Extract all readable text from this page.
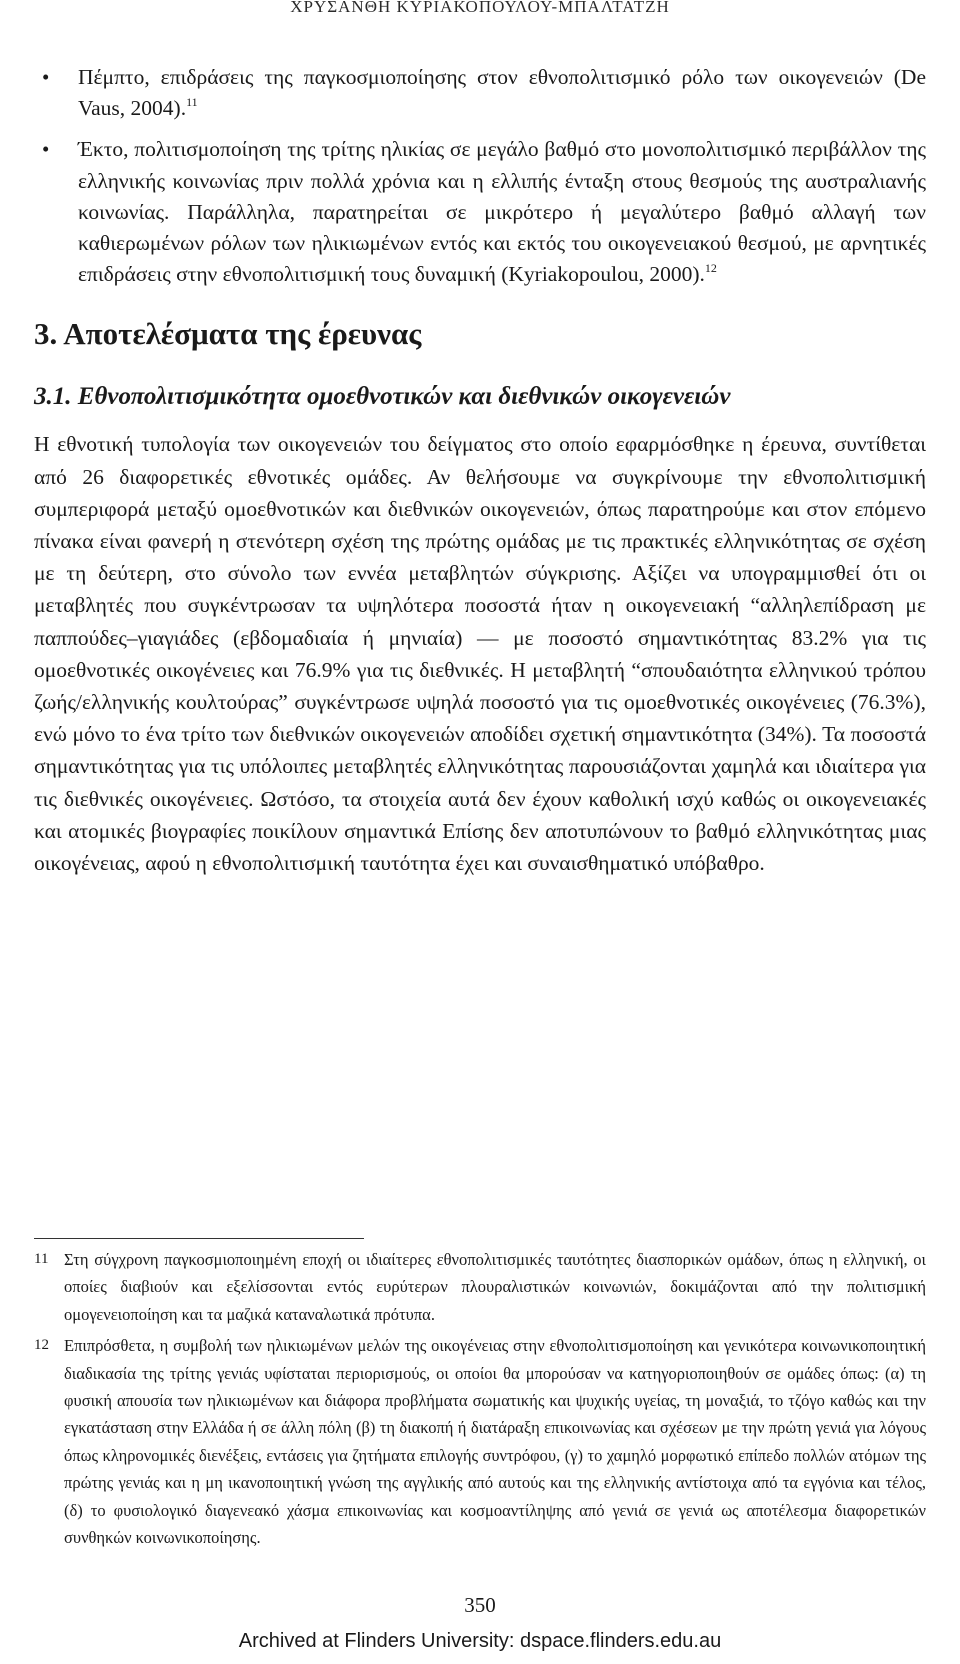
ΧΡΥΣΑΝΘΗ ΚΥΡΙΑΚΟΠΟΥΛΟΥ-ΜΠΑΛΤΑΤΖΗ
• Πέμπτο, επιδράσεις της παγκοσμιοποίησης στον εθνοπολιτισμικό ρόλο των οικογενειών (De Vaus, 2004).$^{11}$
• Έκτο, πολιτισμοποίηση της τρίτης ηλικίας σε μεγάλο βαθμό στο μονοπολιτισμικό περιβάλλον της ελληνικής κοινωνίας πριν πολλά χρόνια και η ελλιπής ένταξη στους θεσμούς της αυστραλιανής κοινωνίας. Παράλληλα, παρατηρείται σε μικρότερο ή μεγαλύτερο βαθμό αλλαγή των καθιερωμένων ρόλων των ηλικιωμένων εντός και εκτός του οικογενειακού θεσμού, με αρνητικές επιδράσεις στην εθνοπολιτισμική τους δυναμική (Kyriakopoulou, 2000).$^{12}$
3. Αποτελέσματα της έρευνας
3.1. Εθνοπολιτισμικότητα ομοεθνοτικών και διεθνικών οικογενειών

Η εθνοτική τυπολογία των οικογενειών του δείγματος στο οποίο εφαρμόσθηκε η έρευνα, συντίθεται από 26 διαφορετικές εθνοτικές ομάδες. Αν θελήσουμε να συγκρίνουμε την εθνοπολιτισμική συμπεριφορά μεταξύ ομοεθνοτικών και διεθνικών οικογενειών, όπως παρατηρούμε και στον επόμενο πίνακα είναι φανερή η στενότερη σχέση της πρώτης ομάδας με τις πρακτικές ελληνικότητας σε σχέση με τη δεύτερη, στο σύνολο των εννέα μεταβλητών σύγκρισης. Αξίζει να υπογραμμισθεί ότι οι μεταβλητές που συγκέντρωσαν τα υψηλότερα ποσοστά ήταν η οικογενειακή “αλληλεπίδραση με παππούδες–γιαγιάδες (εβδομαδιαία ή μηνιαία) — με ποσοστό σημαντικότητας 83.2% για τις ομοεθνοτικές οικογένειες και 76.9% για τις διεθνικές. Η μεταβλητή “σπουδαιότητα ελληνικού τρόπου ζωής/ελληνικής κουλτούρας” συγκέντρωσε υψηλά ποσοστό για τις ομοεθνοτικές οικογένειες (76.3%), ενώ μόνο το ένα τρίτο των διεθνικών οικογενειών αποδίδει σχετική σημαντικότητα (34%). Τα ποσοστά σημαντικότητας για τις υπόλοιπες μεταβλητές ελληνικότητας παρουσιάζονται χαμηλά και ιδιαίτερα για τις διεθνικές οικογένειες. Ωστόσο, τα στοιχεία αυτά δεν έχουν καθολική ισχύ καθώς οι οικογενειακές και ατομικές βιογραφίες ποικίλουν σημαντικά Επίσης δεν αποτυπώνουν το βαθμό ελληνικότητας μιας οικογένειας, αφού η εθνοπολιτισμική ταυτότητα έχει και συναισθηματικό υπόβαθρο.

11 Στη σύγχρονη παγκοσμιοποιημένη εποχή οι ιδιαίτερες εθνοπολιτισμικές ταυτότητες διασπορικών ομάδων, όπως η ελληνική, οι οποίες διαβιούν και εξελίσσονται εντός ευρύτερων πλουραλιστικών κοινωνιών, δοκιμάζονται από την πολιτισμική ομογενειοποίηση και τα μαζικά καταναλωτικά πρότυπα.
12 Επιπρόσθετα, η συμβολή των ηλικιωμένων μελών της οικογένειας στην εθνοπολιτισμοποίηση και γενικότερα κοινωνικοποιητική διαδικασία της τρίτης γενιάς υφίσταται περιορισμούς, οι οποίοι θα μπορούσαν να κατηγοριοποιηθούν σε ομάδες όπως: (α) τη φυσική απουσία των ηλικιωμένων και διάφορα προβλήματα σωματικής και ψυχικής υγείας, τη μοναξιά, το τζόγο καθώς και την εγκατάσταση στην Ελλάδα ή σε άλλη πόλη (β) τη διακοπή ή διατάραξη επικοινωνίας και σχέσεων με την πρώτη γενιά για λόγους όπως κληρονομικές διενέξεις, εντάσεις για ζητήματα επιλογής συντρόφου, (γ) το χαμηλό μορφωτικό επίπεδο πολλών ατόμων της πρώτης γενιάς και η μη ικανοποιητική γνώση της αγγλικής από αυτούς και της ελληνικής αντίστοιχα από τα εγγόνια και τέλος, (δ) το φυσιολογικό διαγενεακό χάσμα επικοινωνίας και κοσμοαντίληψης από γενιά σε γενιά ως αποτέλεσμα διαφορετικών συνθηκών κοινωνικοποίησης.
350
Archived at Flinders University: dspace.flinders.edu.au
